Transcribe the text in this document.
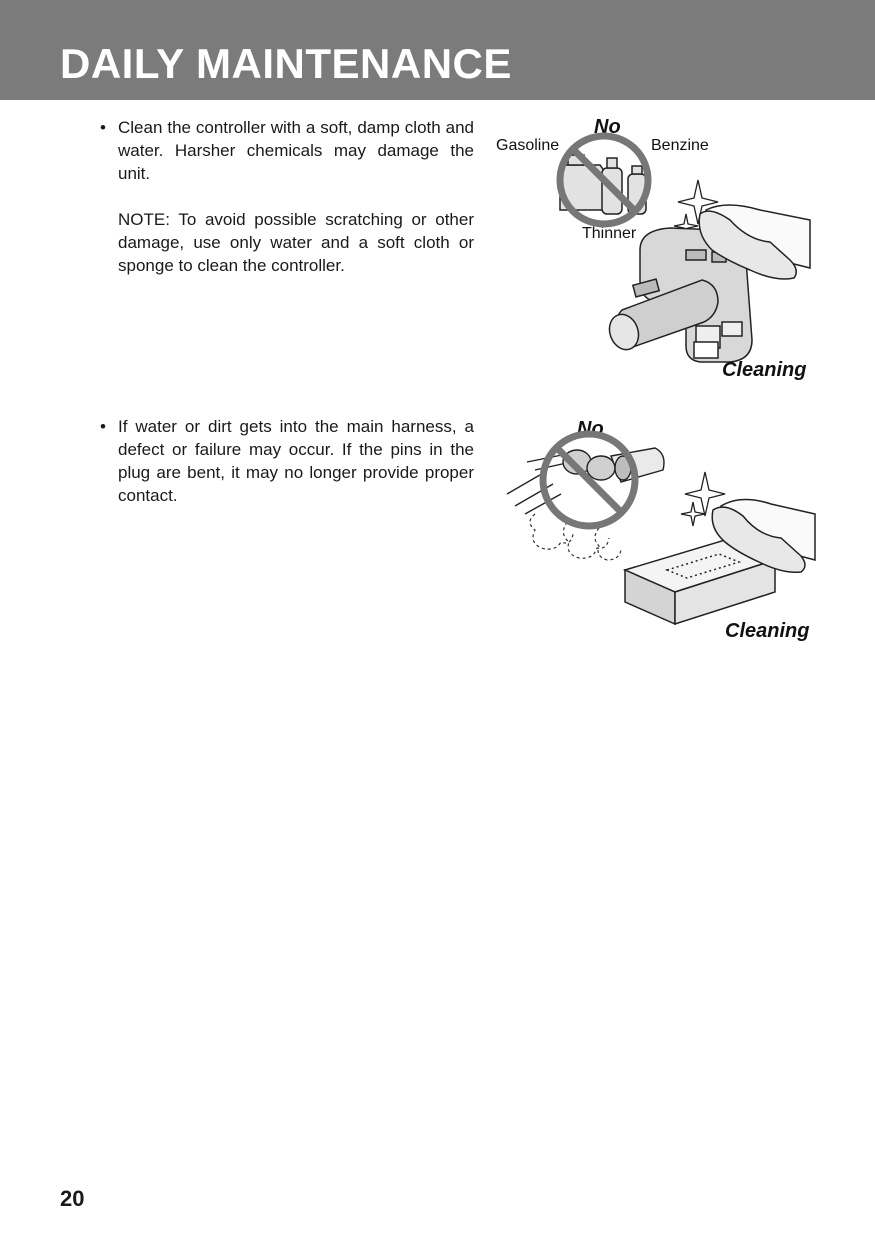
DAILY MAINTENANCE
• Clean the controller with a soft, damp cloth and water. Harsher chemicals may damage the unit.

NOTE: To avoid possible scratching or other damage, use only water and a soft cloth or sponge to clean the controller.

No
Gasoline	Benzine
Thinner
Cleaning
• If water or dirt gets into the main harness, a defect or failure may occur. If the pins in the plug are bent, it may no longer provide proper contact.

No
Cleaning
20
